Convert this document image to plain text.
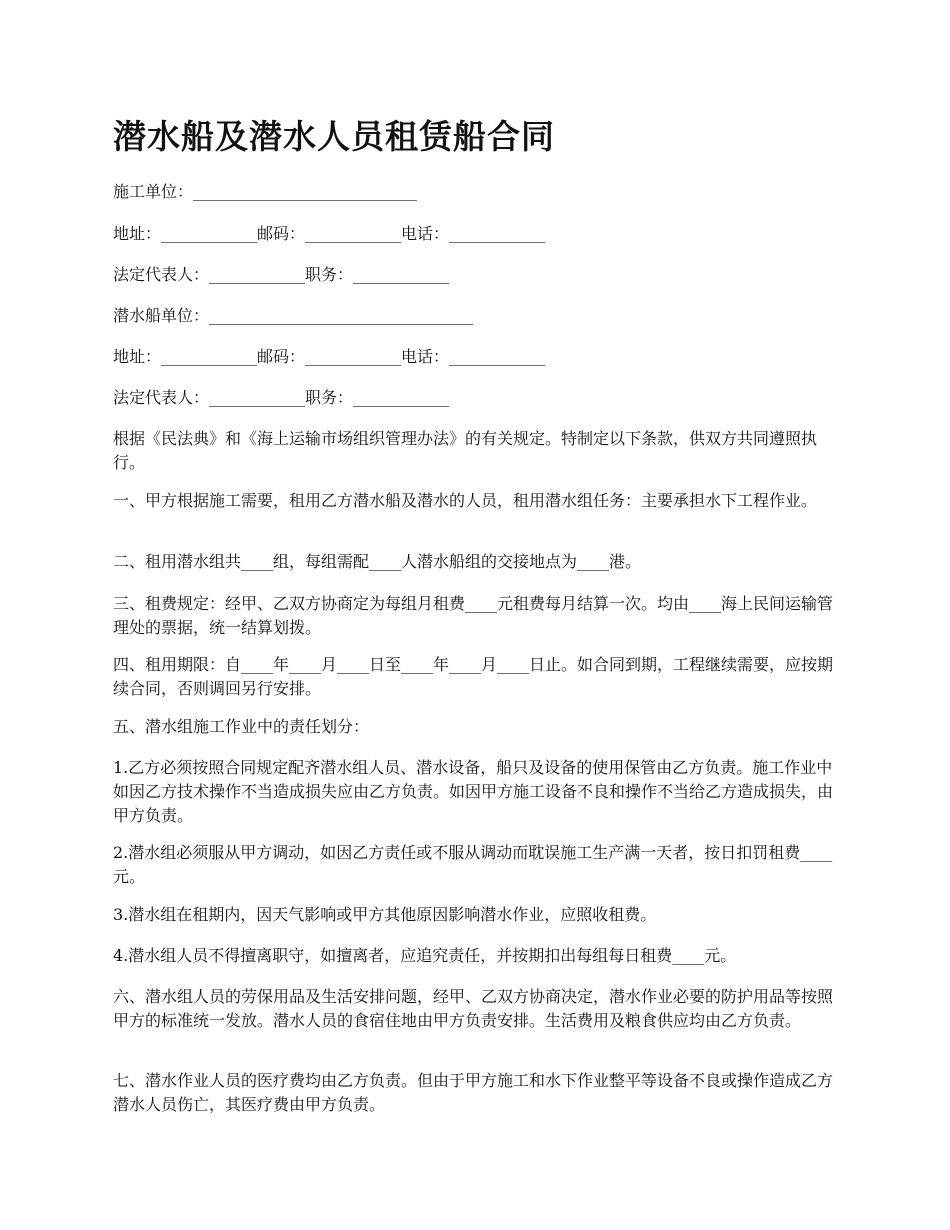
潜水船及潜水人员租赁船合同

施工单位：____________________________

地址：____________邮码：____________电话：____________

法定代表人：____________职务：____________

潜水船单位：_________________________________

地址：____________邮码：____________电话：____________

法定代表人：____________职务：____________

根据《民法典》和《海上运输市场组织管理办法》的有关规定。特制定以下条款，供双方共同遵照执行。

一、甲方根据施工需要，租用乙方潜水船及潜水的人员，租用潜水组任务：主要承担水下工程作业。

二、租用潜水组共____组，每组需配____人潜水船组的交接地点为____港。

三、租费规定：经甲、乙双方协商定为每组月租费____元租费每月结算一次。均由____海上民间运输管理处的票据，统一结算划拨。

四、租用期限：自____年____月____日至____年____月____日止。如合同到期，工程继续需要，应按期续合同，否则调回另行安排。

五、潜水组施工作业中的责任划分：

1.乙方必须按照合同规定配齐潜水组人员、潜水设备，船只及设备的使用保管由乙方负责。施工作业中如因乙方技术操作不当造成损失应由乙方负责。如因甲方施工设备不良和操作不当给乙方造成损失，由甲方负责。

2.潜水组必须服从甲方调动，如因乙方责任或不服从调动而耽误施工生产满一天者，按日扣罚租费____元。

3.潜水组在租期内，因天气影响或甲方其他原因影响潜水作业，应照收租费。

4.潜水组人员不得擅离职守，如擅离者，应追究责任，并按期扣出每组每日租费____元。

六、潜水组人员的劳保用品及生活安排问题，经甲、乙双方协商决定，潜水作业必要的防护用品等按照甲方的标准统一发放。潜水人员的食宿住地由甲方负责安排。生活费用及粮食供应均由乙方负责。

七、潜水作业人员的医疗费均由乙方负责。但由于甲方施工和水下作业整平等设备不良或操作造成乙方潜水人员伤亡，其医疗费由甲方负责。
